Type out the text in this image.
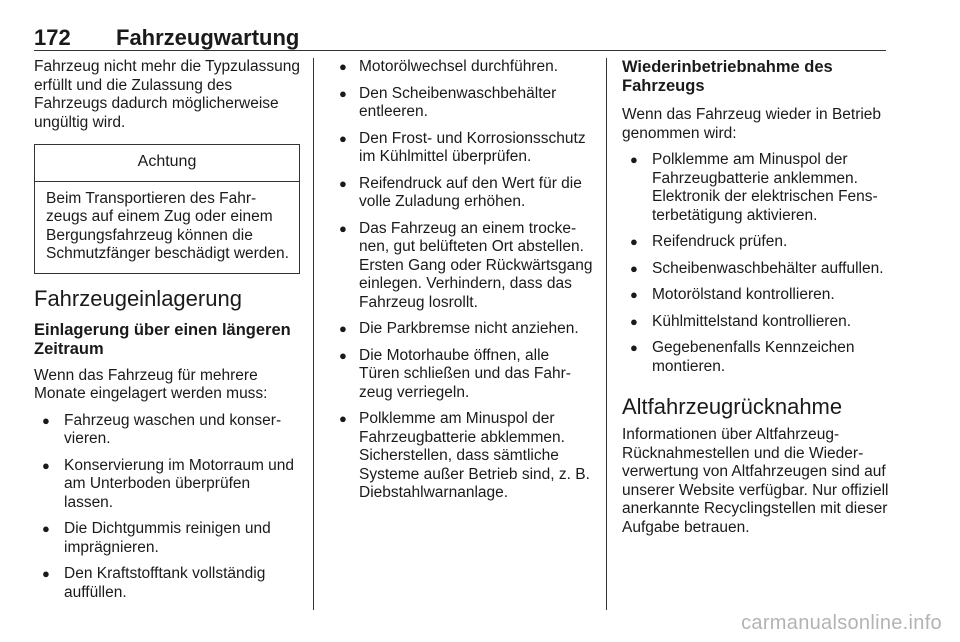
172 Fahrzeugwartung

Fahrzeug nicht mehr die Typzulassung erfüllt und die Zulassung des Fahrzeugs dadurch möglicherweise ungültig wird.

Achtung
Beim Transportieren des Fahrzeugs auf einem Zug oder einem Bergungsfahrzeug können die Schmutzfänger beschädigt werden.
Fahrzeugeinlagerung
Einlagerung über einen längeren Zeitraum

Wenn das Fahrzeug für mehrere Monate eingelagert werden muss:

● Fahrzeug waschen und konservieren.
● Konservierung im Motorraum und am Unterboden überprüfen lassen.
● Die Dichtgummis reinigen und imprägnieren.
● Den Kraftstofftank vollständig auffüllen.
● Motorölwechsel durchführen.
● Den Scheibenwaschbehälter entleeren.
● Den Frost- und Korrosionsschutz im Kühlmittel überprüfen.
● Reifendruck auf den Wert für die volle Zuladung erhöhen.
● Das Fahrzeug an einem trockenen, gut belüfteten Ort abstellen. Ersten Gang oder Rückwärtsgang einlegen. Verhindern, dass das Fahrzeug losrollt.
● Die Parkbremse nicht anziehen.
● Die Motorhaube öffnen, alle Türen schließen und das Fahrzeug verriegeln.
● Polklemme am Minuspol der Fahrzeugbatterie abklemmen. Sicherstellen, dass sämtliche Systeme außer Betrieb sind, z. B. Diebstahlwarnanlage.
Wiederinbetriebnahme des Fahrzeugs

Wenn das Fahrzeug wieder in Betrieb genommen wird:

● Polklemme am Minuspol der Fahrzeugbatterie anklemmen. Elektronik der elektrischen Fensterbetätigung aktivieren.
● Reifendruck prüfen.
● Scheibenwaschbehälter auffullen.
● Motorölstand kontrollieren.
● Kühlmittelstand kontrollieren.
● Gegebenenfalls Kennzeichen montieren.
Altfahrzeugrücknahme

Informationen über Altfahrzeug-Rücknahmestellen und die Wiederverwertung von Altfahrzeugen sind auf unserer Website verfügbar. Nur offiziell anerkannte Recyclingstellen mit dieser Aufgabe betrauen.

carmanualsonline.info
